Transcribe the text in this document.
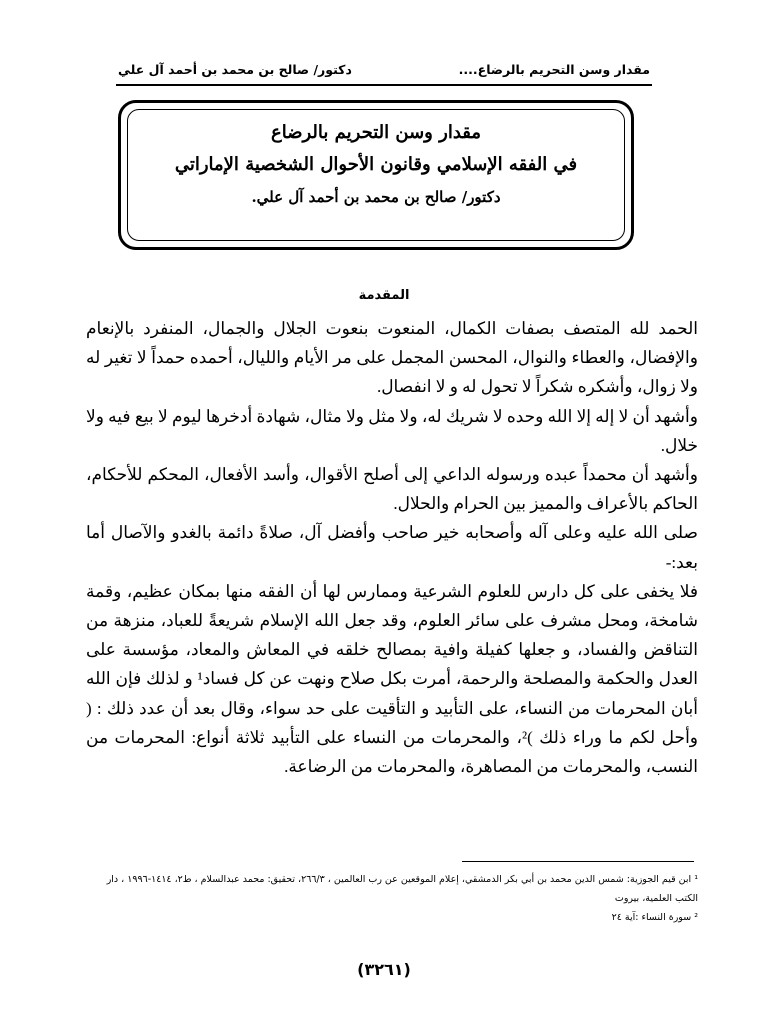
مقدار وسن التحريم بالرضاع....
دكتور/ صالح بن محمد بن أحمد آل علي
مقدار وسن التحريم بالرضاع
في الفقه الإسلامي وقانون الأحوال الشخصية الإماراتي
دكتور/ صالح بن محمد بن أحمد آل علي.
المقدمة

الحمد لله المتصف بصفات الكمال، المنعوت بنعوت الجلال والجمال، المنفرد بالإنعام والإفضال، والعطاء والنوال، المحسن المجمل على مر الأيام والليال، أحمده حمداً لا تغير له ولا زوال، وأشكره شكراً لا تحول له و لا انفصال.

وأشهد أن لا إله إلا الله وحده لا شريك له، ولا مثل ولا مثال، شهادة أدخرها ليوم لا بيع فيه ولا خلال.

وأشهد أن محمداً عبده ورسوله الداعي إلى أصلح الأقوال، وأسد الأفعال، المحكم للأحكام، الحاكم بالأعراف والمميز بين الحرام والحلال.

صلى الله عليه وعلى آله وأصحابه خير صاحب وأفضل آل، صلاةً دائمة بالغدو والآصال أما بعد:-

فلا يخفى على كل دارس للعلوم الشرعية وممارس لها أن الفقه منها بمكان عظيم، وقمة شامخة، ومحل مشرف على سائر العلوم، وقد جعل الله الإسلام شريعةً للعباد، منزهة من التناقض والفساد، و جعلها كفيلة وافية بمصالح خلقه في المعاش والمعاد، مؤسسة على العدل والحكمة والمصلحة والرحمة، أمرت بكل صلاح ونهت عن كل فساد¹ و لذلك فإن الله أبان المحرمات من النساء، على التأبيد و التأقيت على حد سواء، وقال بعد أن عدد ذلك : ( وأحل لكم ما وراء ذلك )²، والمحرمات من النساء على التأبيد ثلاثة أنواع: المحرمات من النسب، والمحرمات من المصاهرة، والمحرمات من الرضاعة.

¹ ابن قيم الجوزية: شمس الدين محمد بن أبي بكر الدمشقي، إعلام الموقعين عن رب العالمين ، ٢٦٦/٣، تحقيق: محمد عبدالسلام ، ط٢، ١٤١٤-١٩٩٦ ، دار الكتب العلمية، بيروت
² سورة النساء :آية ٢٤
(٣٢٦١)
